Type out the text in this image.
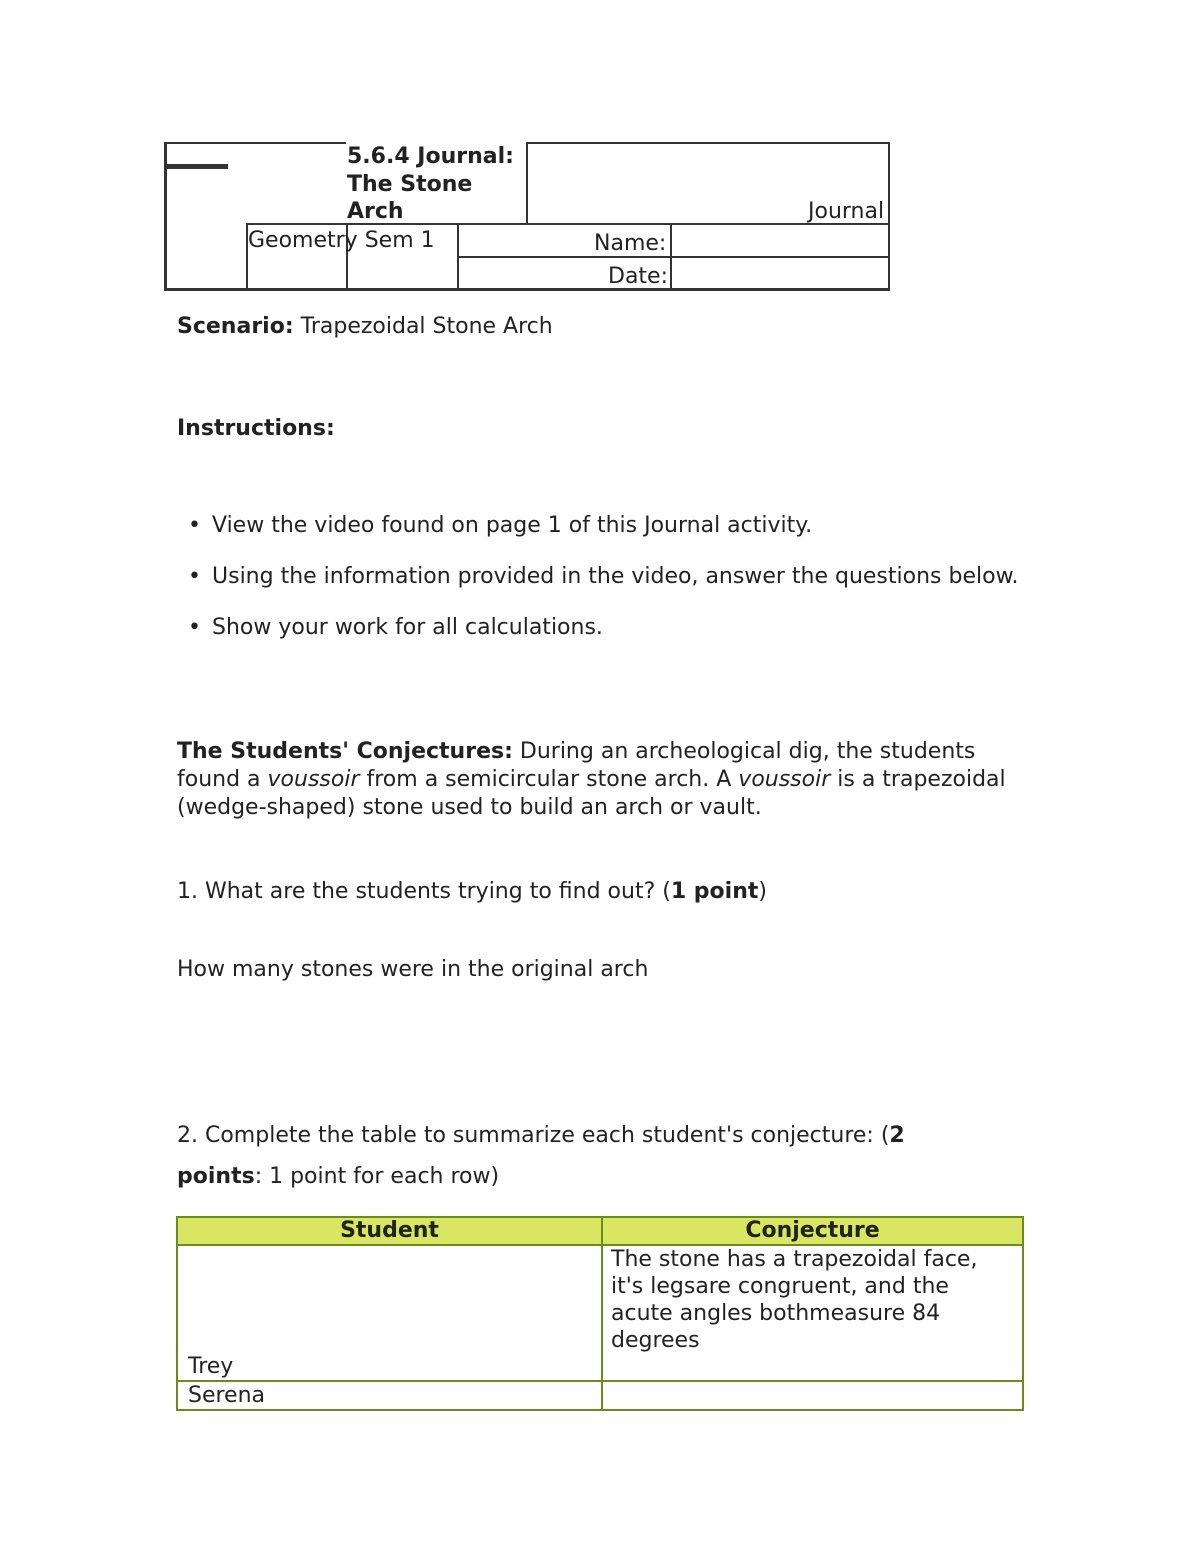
5.6.4 Journal:
The Stone
Arch
Geometry Sem 1
Journal
Name:
Date:
Scenario: Trapezoidal Stone Arch
Instructions:
• View the video found on page 1 of this Journal activity.
• Using the information provided in the video, answer the questions below.
• Show your work for all calculations.
The Students' Conjectures: During an archeological dig, the students found a voussoir from a semicircular stone arch. A voussoir is a trapezoidal (wedge-shaped) stone used to build an arch or vault.
1. What are the students trying to find out? (1 point)
How many stones were in the original arch
2. Complete the table to summarize each student's conjecture: (2
points: 1 point for each row)
Student	Conjecture
Trey	The stone has a trapezoidal face, it's legsare congruent, and the acute angles bothmeasure 84 degrees
Serena	
